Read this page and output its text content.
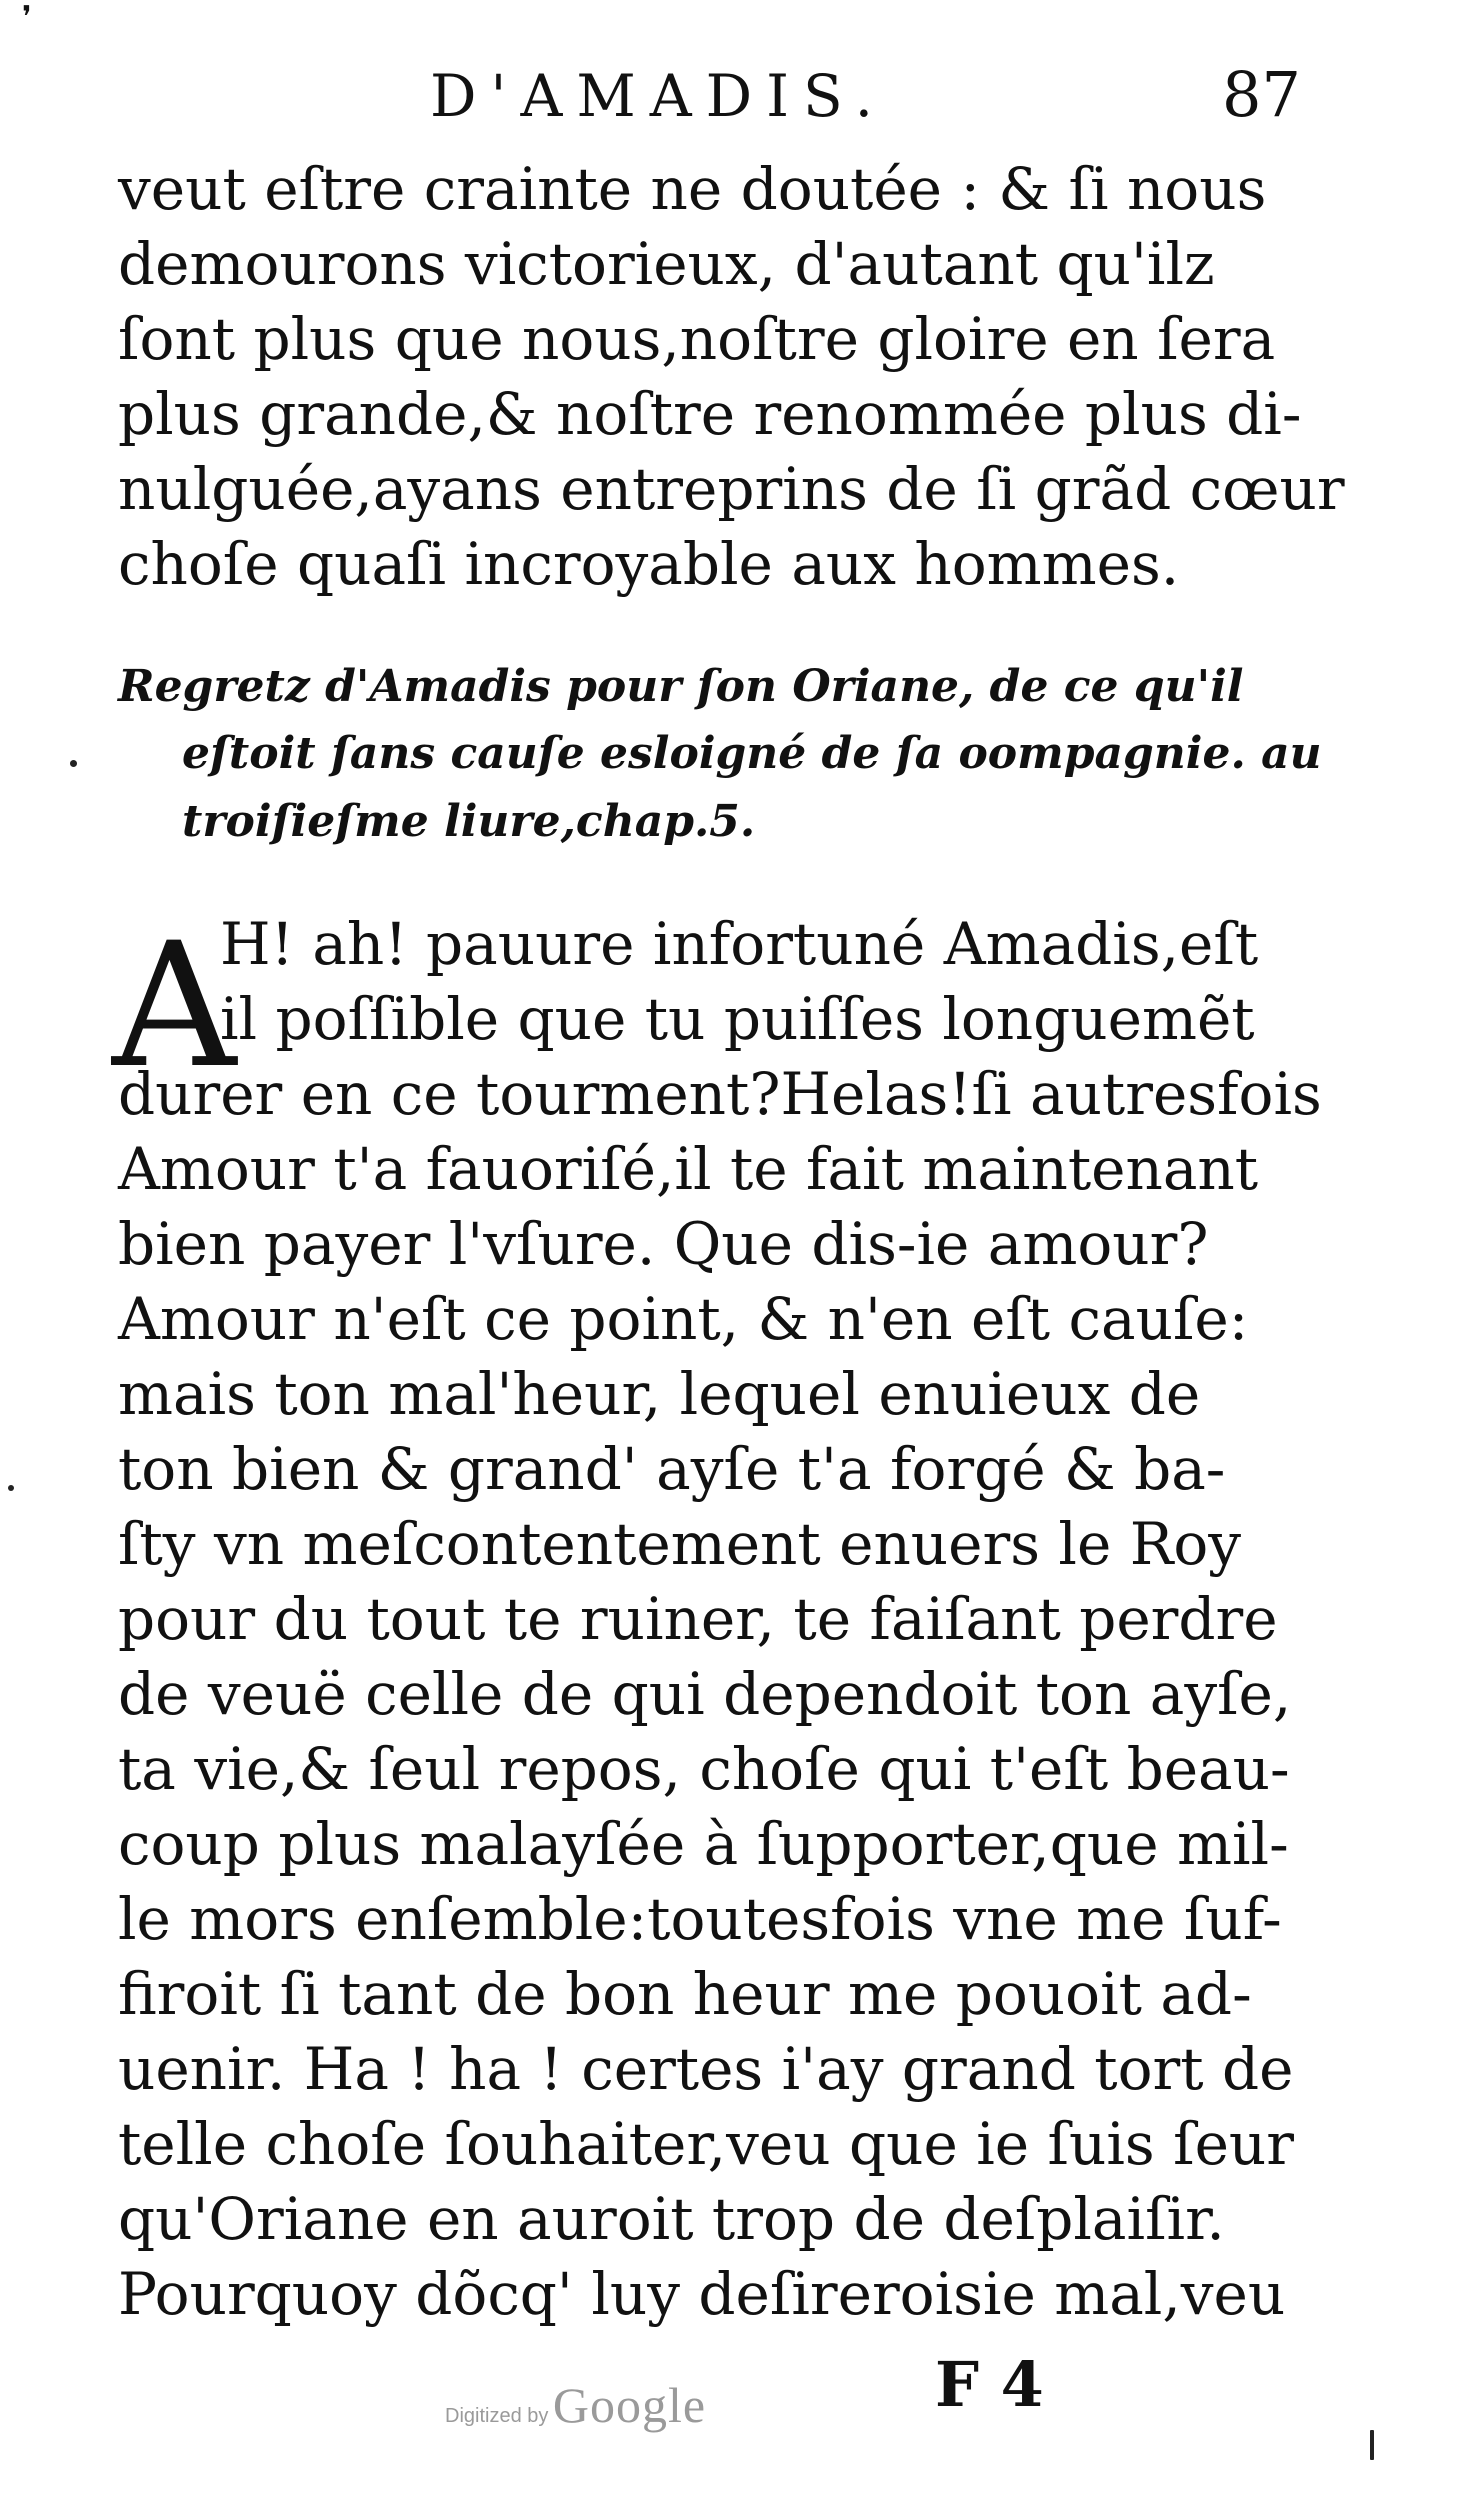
❜
D'AMADIS.	87
veut eſtre crainte ne doutée : & ſi nous
demourons victorieux, d'autant qu'ilz
ſont plus que nous,noſtre gloire en ſera
plus grande,& noſtre renommée plus di-
nulguée,ayans entreprins de ſi grãd cœur
choſe quaſi incroyable aux hommes.
Regretz d'Amadis pour ſon Oriane, de ce qu'il
eſtoit ſans cauſe esloigné de ſa oompagnie. au
troiſieſme liure,chap.5.
A
H! ah! pauure infortuné Amadis,eſt
il poſſible que tu puiſſes longuemẽt
durer en ce tourment?Helas!ſi autresfois
Amour t'a fauoriſé,il te fait maintenant
bien payer l'vſure. Que dis-ie amour?
Amour n'eſt ce point, & n'en eſt cauſe:
mais ton mal'heur, lequel enuieux de
ton bien & grand' ayſe t'a forgé & ba-
ſty vn meſcontentement enuers le Roy
pour du tout te ruiner, te faiſant perdre
de veuë celle de qui dependoit ton ayſe,
ta vie,& ſeul repos, choſe qui t'eſt beau-
coup plus malayſée à ſupporter,que mil-
le mors enſemble:toutesfois vne me ſuf-
firoit ſi tant de bon heur me pouoit ad-
uenir. Ha ! ha ! certes i'ay grand tort de
telle choſe ſouhaiter,veu que ie ſuis ſeur
qu'Oriane en auroit trop de deſplaiſir.
Pourquoy dõcq' luy deſireroisie mal,veu
F 4
Digitized by Google
